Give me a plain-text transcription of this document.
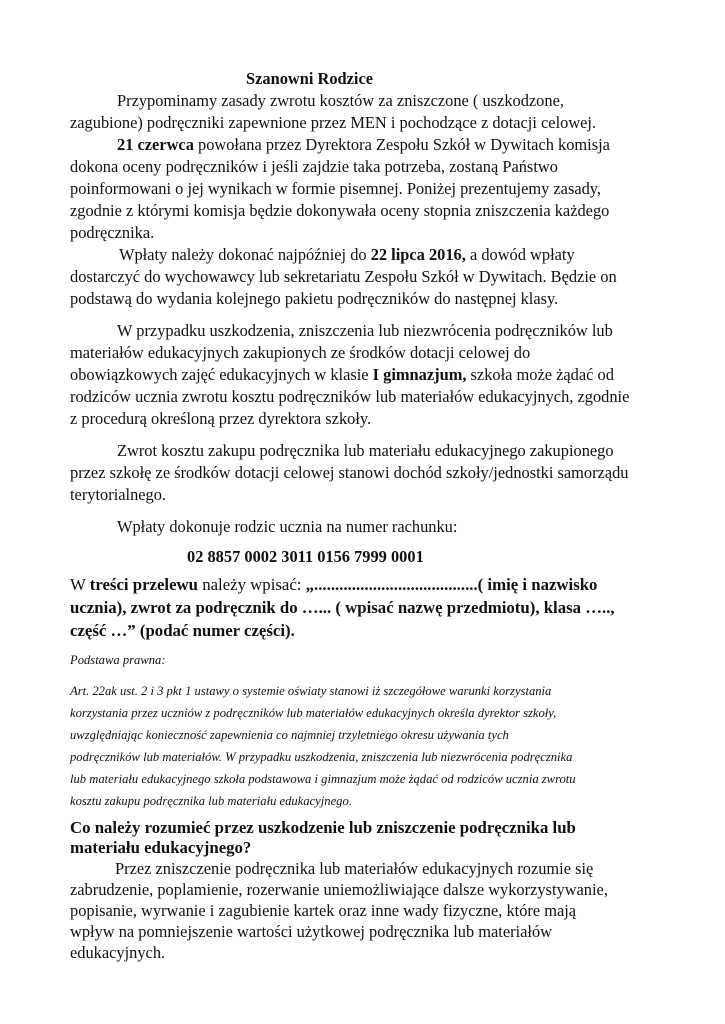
Szanowni Rodzice
Przypominamy zasady zwrotu kosztów za zniszczone ( uszkodzone,
zagubione) podręczniki zapewnione przez MEN i pochodzące z dotacji celowej.
21 czerwca powołana przez Dyrektora Zespołu Szkół w Dywitach komisja
dokona oceny podręczników i jeśli zajdzie taka potrzeba, zostaną Państwo
poinformowani o jej wynikach w formie pisemnej. Poniżej prezentujemy zasady,
zgodnie z którymi komisja będzie dokonywała oceny stopnia zniszczenia każdego
podręcznika.
Wpłaty należy dokonać najpóźniej do 22 lipca 2016, a dowód wpłaty
dostarczyć do wychowawcy lub sekretariatu Zespołu Szkół w Dywitach. Będzie on
podstawą do wydania kolejnego pakietu podręczników do następnej klasy.
W przypadku uszkodzenia, zniszczenia lub niezwrócenia podręczników lub
materiałów edukacyjnych zakupionych ze środków dotacji celowej do
obowiązkowych zajęć edukacyjnych w klasie I gimnazjum, szkoła może żądać od
rodziców ucznia zwrotu kosztu podręczników lub materiałów edukacyjnych, zgodnie
z procedurą określoną przez dyrektora szkoły.
Zwrot kosztu zakupu podręcznika lub materiału edukacyjnego zakupionego
przez szkołę ze środków dotacji celowej stanowi dochód szkoły/jednostki samorządu
terytorialnego.
Wpłaty dokonuje rodzic ucznia na numer rachunku:
02 8857 0002 3011 0156 7999 0001
W treści przelewu należy wpisać: „.......................................( imię i nazwisko
ucznia), zwrot za podręcznik do …... ( wpisać nazwę przedmiotu), klasa …..,
część …” (podać numer części).
Podstawa prawna:
Art. 22ak ust. 2 i 3 pkt 1 ustawy o systemie oświaty stanowi iż szczegółowe warunki korzystania
korzystania przez uczniów z podręczników lub materiałów edukacyjnych określa dyrektor szkoły,
uwzględniając konieczność zapewnienia co najmniej trzyletniego okresu używania tych
podręczników lub materiałów. W przypadku uszkodzenia, zniszczenia lub niezwrócenia podręcznika
lub materiału edukacyjnego szkoła podstawowa i gimnazjum może żądać od rodziców ucznia zwrotu
kosztu zakupu podręcznika lub materiału edukacyjnego.
Co należy rozumieć przez uszkodzenie lub zniszczenie podręcznika lub
materiału edukacyjnego?
Przez zniszczenie podręcznika lub materiałów edukacyjnych rozumie się
zabrudzenie, poplamienie, rozerwanie uniemożliwiające dalsze wykorzystywanie,
popisanie, wyrwanie i zagubienie kartek oraz inne wady fizyczne, które mają
wpływ na pomniejszenie wartości użytkowej podręcznika lub materiałów
edukacyjnych.
